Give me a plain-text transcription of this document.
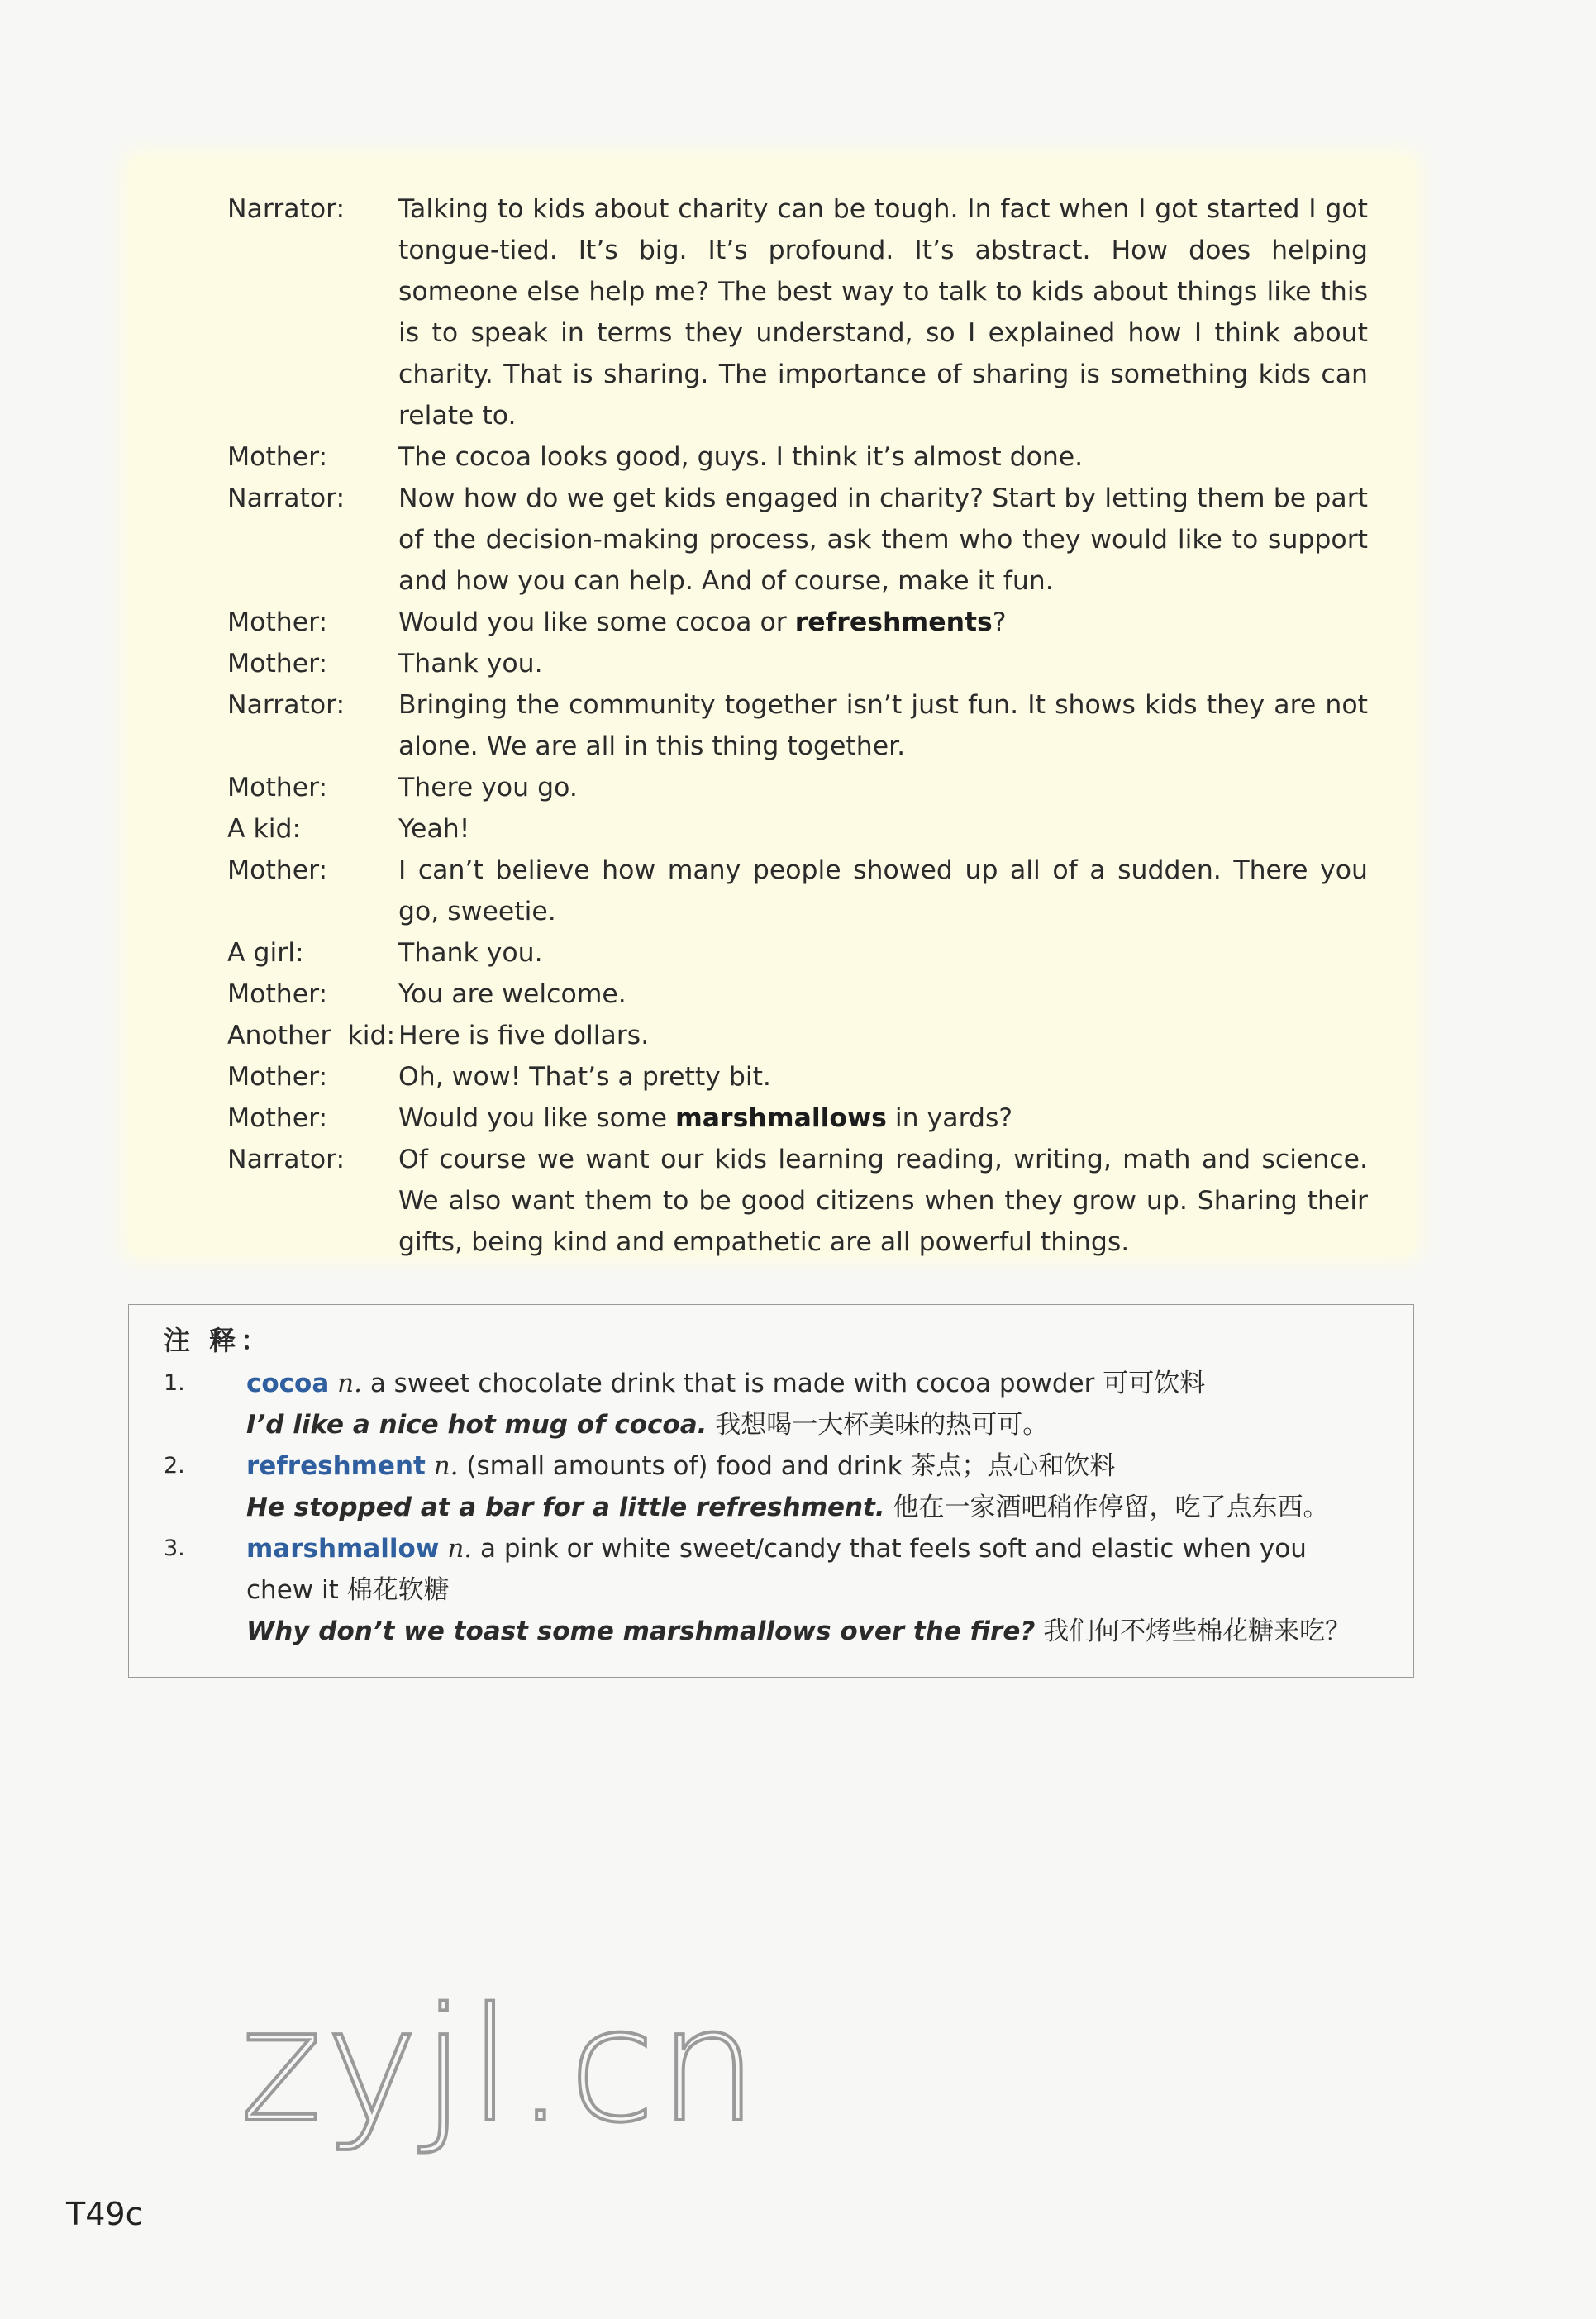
Narrator:	Talking to kids about charity can be tough. In fact when I got started I got tongue-tied. It’s big. It’s profound. It’s abstract. How does helping someone else help me? The best way to talk to kids about things like this is to speak in terms they understand, so I explained how I think about charity. That is sharing. The importance of sharing is something kids can relate to.
Mother:	The cocoa looks good, guys. I think it’s almost done.
Narrator:	Now how do we get kids engaged in charity? Start by letting them be part of the decision-making process, ask them who they would like to support and how you can help. And of course, make it fun.
Mother:	Would you like some cocoa or refreshments?
Mother:	Thank you.
Narrator:	Bringing the community together isn’t just fun. It shows kids they are not alone. We are all in this thing together.
Mother:	There you go.
A kid:	Yeah!
Mother:	I can’t believe how many people showed up all of a sudden. There you go, sweetie.
A girl:	Thank you.
Mother:	You are welcome.
Another  kid: Here is five dollars.
Mother:	Oh, wow! That’s a pretty bit.
Mother:	Would you like some marshmallows in yards?
Narrator:	Of course we want our kids learning reading, writing, math and science. We also want them to be good citizens when they grow up. Sharing their gifts, being kind and empathetic are all powerful things.
注 释：
1.	cocoa n. a sweet chocolate drink that is made with cocoa powder 可可饮料
I’d like a nice hot mug of cocoa. 我想喝一大杯美味的热可可。
2.	refreshment n. (small amounts of) food and drink 茶点；点心和饮料
He stopped at a bar for a little refreshment. 他在一家酒吧稍作停留，吃了点东西。
3.	marshmallow n. a pink or white sweet/candy that feels soft and elastic when you chew it 棉花软糖
Why don’t we toast some marshmallows over the fire? 我们何不烤些棉花糖来吃？
zyjl.cn
T49c
